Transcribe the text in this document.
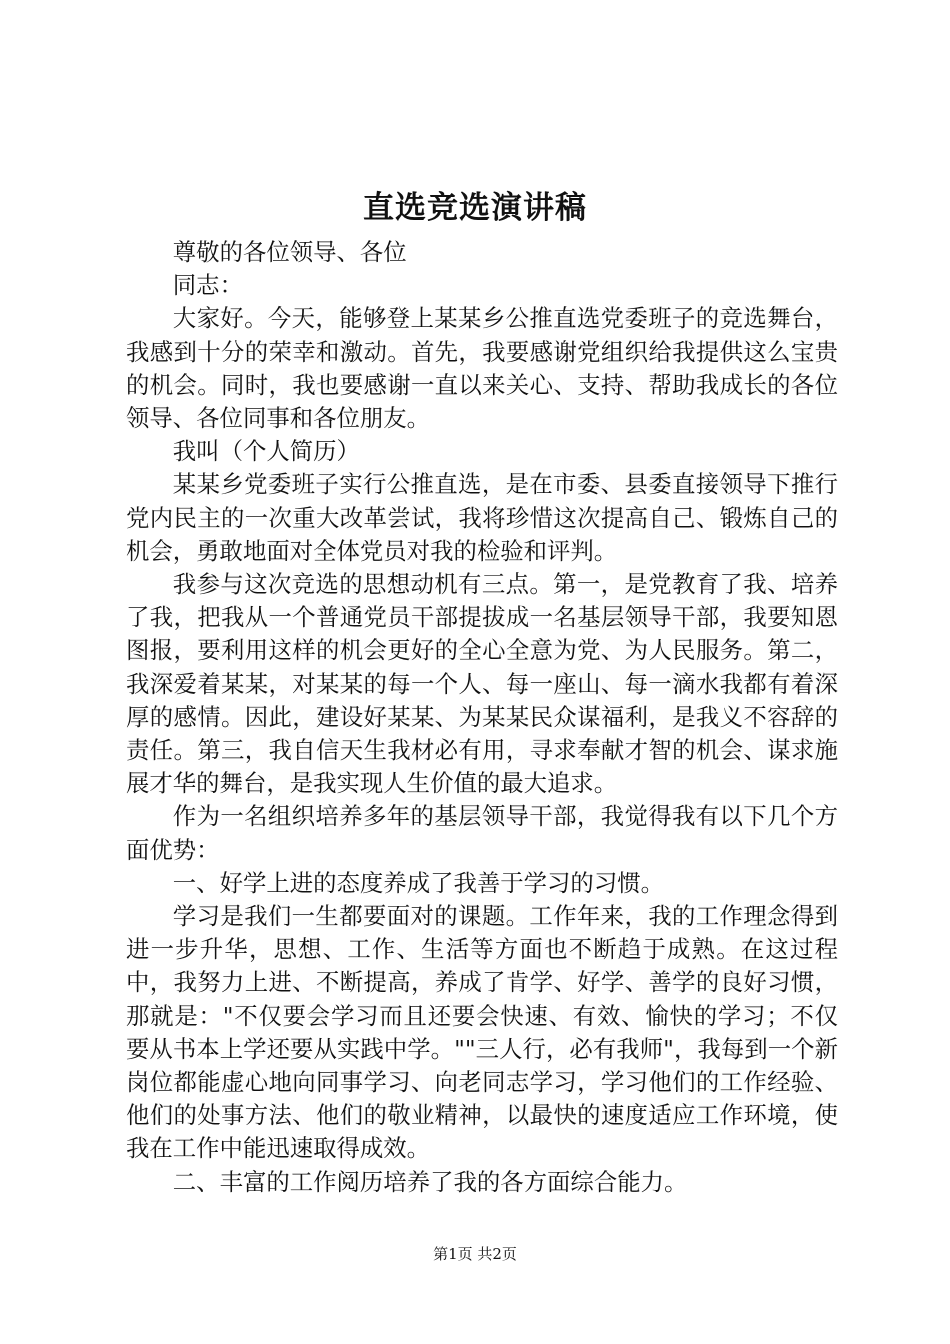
直选竞选演讲稿

尊敬的各位领导、各位

同志：

大家好。今天，能够登上某某乡公推直选党委班子的竞选舞台，我感到十分的荣幸和激动。首先，我要感谢党组织给我提供这么宝贵的机会。同时，我也要感谢一直以来关心、支持、帮助我成长的各位领导、各位同事和各位朋友。

我叫（个人简历）

某某乡党委班子实行公推直选，是在市委、县委直接领导下推行党内民主的一次重大改革尝试，我将珍惜这次提高自己、锻炼自己的机会，勇敢地面对全体党员对我的检验和评判。

我参与这次竞选的思想动机有三点。第一，是党教育了我、培养了我，把我从一个普通党员干部提拔成一名基层领导干部，我要知恩图报，要利用这样的机会更好的全心全意为党、为人民服务。第二，我深爱着某某，对某某的每一个人、每一座山、每一滴水我都有着深厚的感情。因此，建设好某某、为某某民众谋福利，是我义不容辞的责任。第三，我自信天生我材必有用，寻求奉献才智的机会、谋求施展才华的舞台，是我实现人生价值的最大追求。

作为一名组织培养多年的基层领导干部，我觉得我有以下几个方面优势：

一、好学上进的态度养成了我善于学习的习惯。

学习是我们一生都要面对的课题。工作年来，我的工作理念得到进一步升华，思想、工作、生活等方面也不断趋于成熟。在这过程中，我努力上进、不断提高，养成了肯学、好学、善学的良好习惯，那就是："不仅要会学习而且还要会快速、有效、愉快的学习；不仅要从书本上学还要从实践中学。""三人行，必有我师"，我每到一个新岗位都能虚心地向同事学习、向老同志学习，学习他们的工作经验、他们的处事方法、他们的敬业精神，以最快的速度适应工作环境，使我在工作中能迅速取得成效。

二、丰富的工作阅历培养了我的各方面综合能力。

第1页 共2页
